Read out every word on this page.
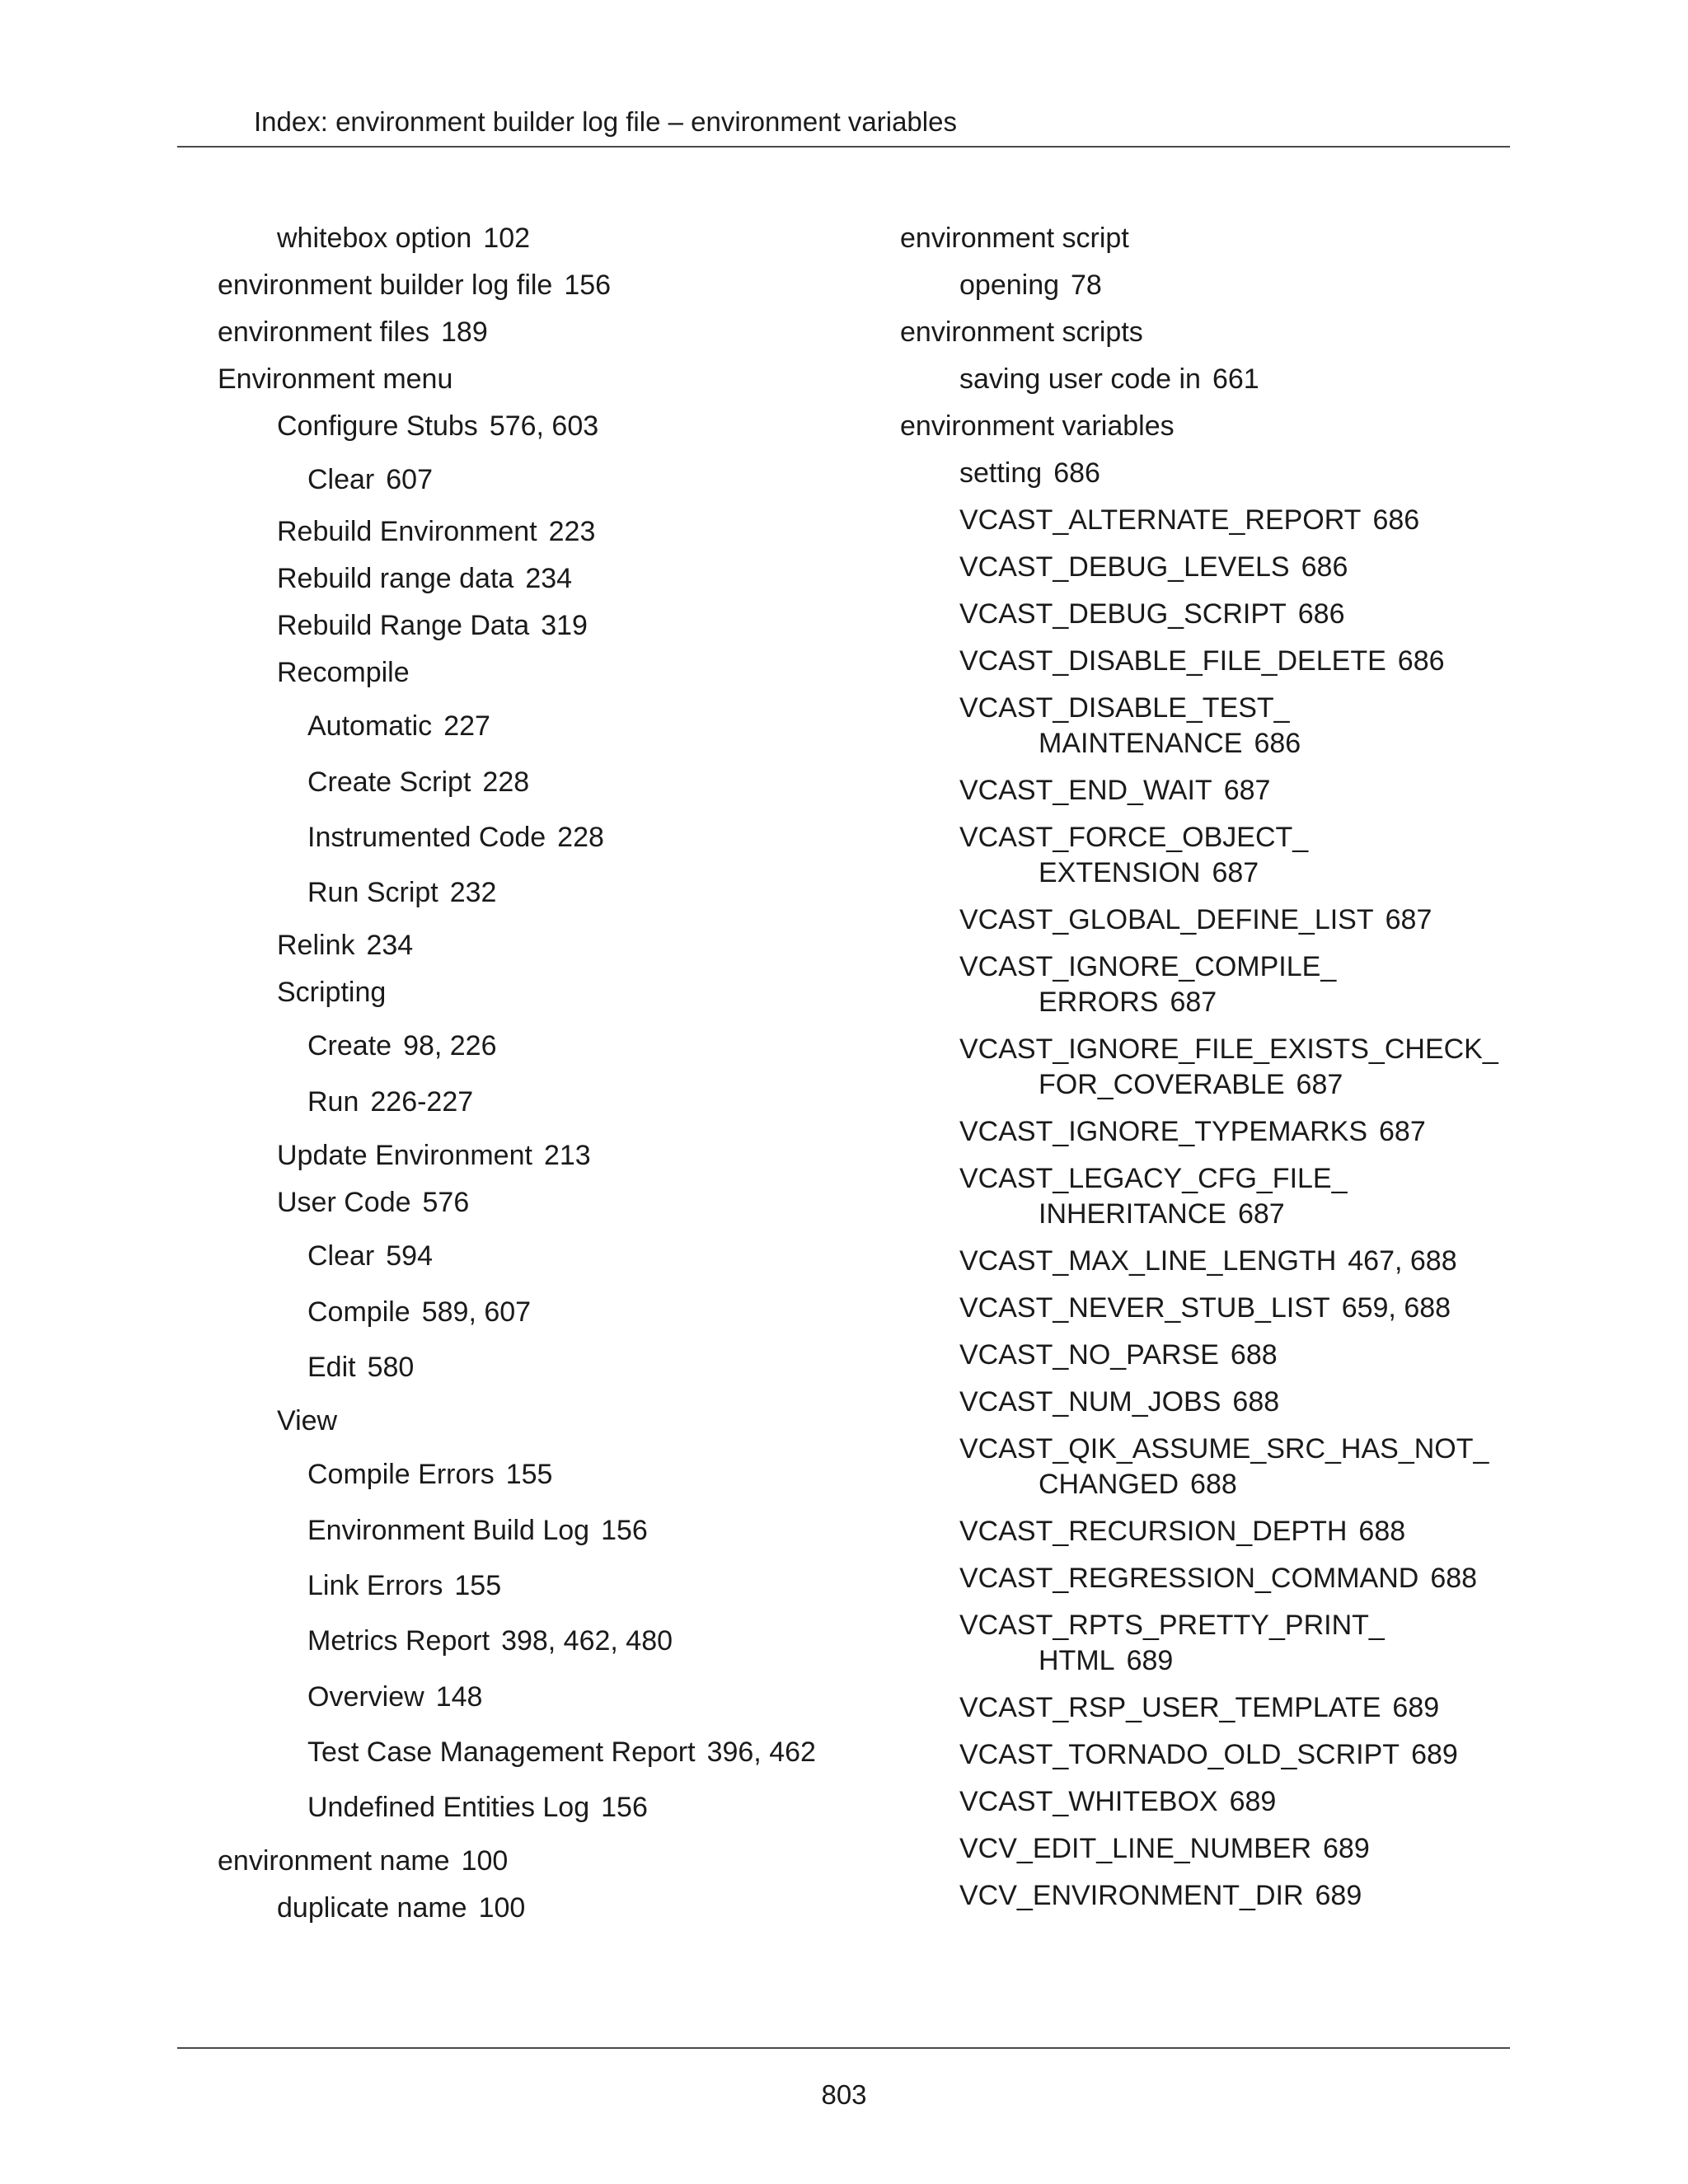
Index: environment builder log file – environment variables
whitebox option 102
environment builder log file 156
environment files 189
Environment menu
Configure Stubs 576, 603
Clear 607
Rebuild Environment 223
Rebuild range data 234
Rebuild Range Data 319
Recompile
Automatic 227
Create Script 228
Instrumented Code 228
Run Script 232
Relink 234
Scripting
Create 98, 226
Run 226-227
Update Environment 213
User Code 576
Clear 594
Compile 589, 607
Edit 580
View
Compile Errors 155
Environment Build Log 156
Link Errors 155
Metrics Report 398, 462, 480
Overview 148
Test Case Management Report 396, 462
Undefined Entities Log 156
environment name 100
duplicate name 100
environment script
opening 78
environment scripts
saving user code in 661
environment variables
setting 686
VCAST_ALTERNATE_REPORT 686
VCAST_DEBUG_LEVELS 686
VCAST_DEBUG_SCRIPT 686
VCAST_DISABLE_FILE_DELETE 686
VCAST_DISABLE_TEST_
MAINTENANCE 686
VCAST_END_WAIT 687
VCAST_FORCE_OBJECT_
EXTENSION 687
VCAST_GLOBAL_DEFINE_LIST 687
VCAST_IGNORE_COMPILE_
ERRORS 687
VCAST_IGNORE_FILE_EXISTS_CHECK_
FOR_COVERABLE 687
VCAST_IGNORE_TYPEMARKS 687
VCAST_LEGACY_CFG_FILE_
INHERITANCE 687
VCAST_MAX_LINE_LENGTH 467, 688
VCAST_NEVER_STUB_LIST 659, 688
VCAST_NO_PARSE 688
VCAST_NUM_JOBS 688
VCAST_QIK_ASSUME_SRC_HAS_NOT_
CHANGED 688
VCAST_RECURSION_DEPTH 688
VCAST_REGRESSION_COMMAND 688
VCAST_RPTS_PRETTY_PRINT_
HTML 689
VCAST_RSP_USER_TEMPLATE 689
VCAST_TORNADO_OLD_SCRIPT 689
VCAST_WHITEBOX 689
VCV_EDIT_LINE_NUMBER 689
VCV_ENVIRONMENT_DIR 689
803
